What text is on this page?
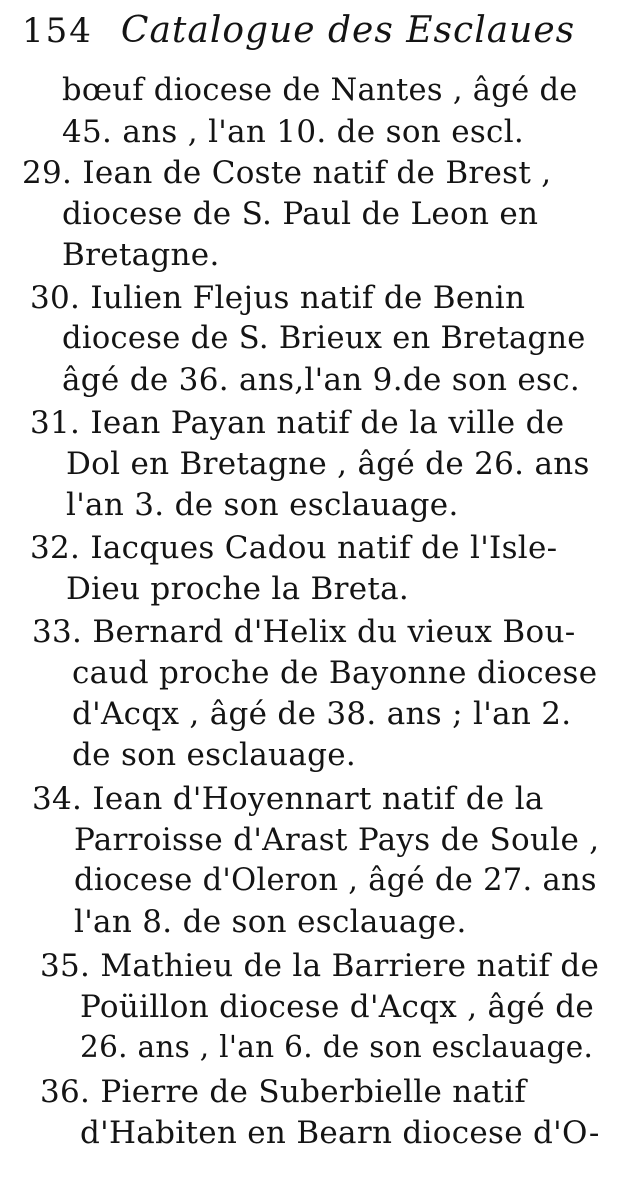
154 Catalogue des Esclaues
bœuf diocese de Nantes , âgé de
45. ans , l'an 10. de son escl.
29. Iean de Coste natif de Brest ,
diocese de S. Paul de Leon en
Bretagne.
30. Iulien Flejus natif de Benin
diocese de S. Brieux en Bretagne
âgé de 36. ans,l'an 9.de son esc.
31. Iean Payan natif de la ville de
Dol en Bretagne , âgé de 26. ans
l'an 3. de son esclauage.
32. Iacques Cadou natif de l'Isle-
Dieu proche la Breta.
33. Bernard d'Helix du vieux Bou-
caud proche de Bayonne diocese
d'Acqx , âgé de 38. ans ; l'an 2.
de son esclauage.
34. Iean d'Hoyennart natif de la
Parroisse d'Arast Pays de Soule ,
diocese d'Oleron , âgé de 27. ans
l'an 8. de son esclauage.
35. Mathieu de la Barriere natif de
Poüillon diocese d'Acqx , âgé de
26. ans , l'an 6. de son esclauage.
36. Pierre de Suberbielle natif
d'Habiten en Bearn diocese d'O-
